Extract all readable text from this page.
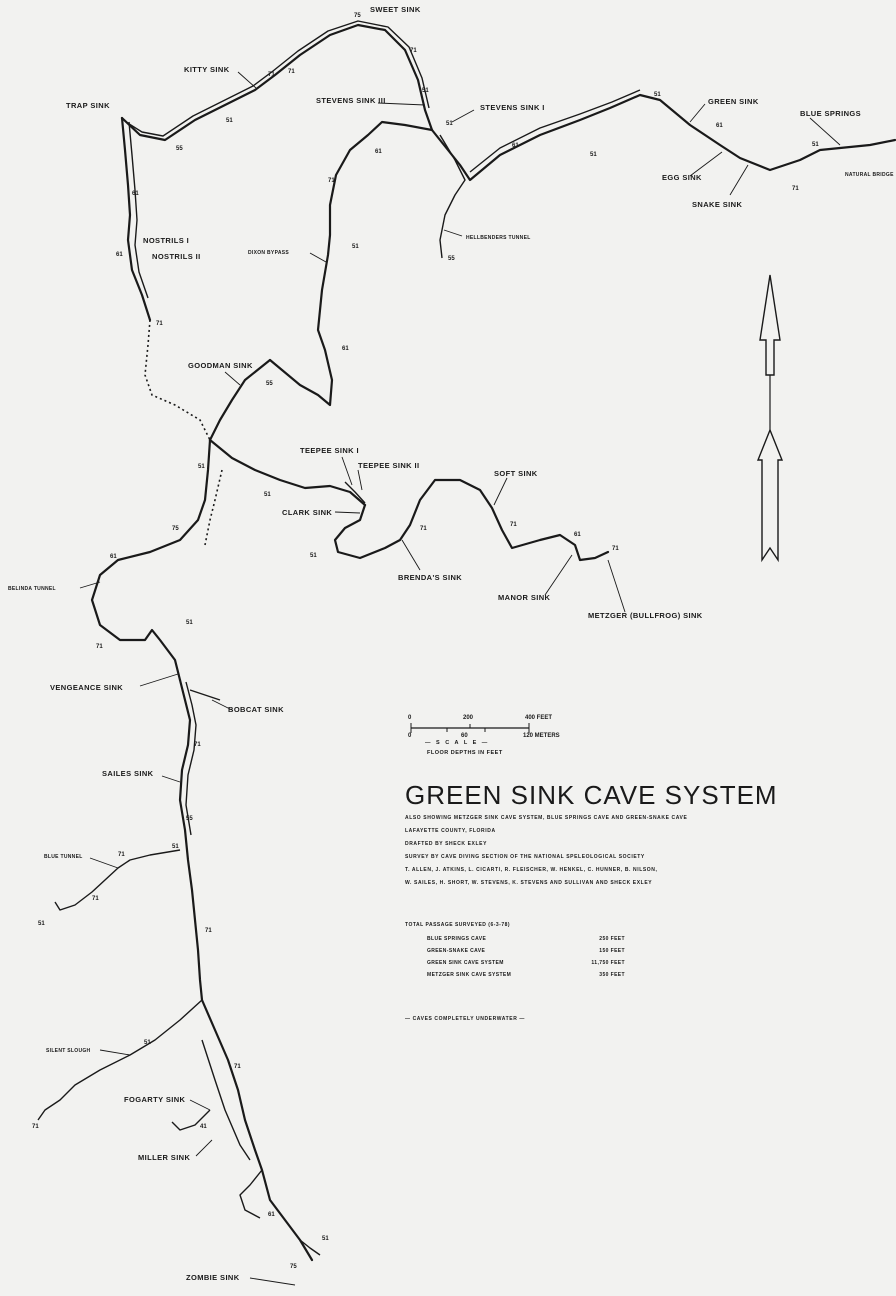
SWEET SINK
KITTY SINK
TRAP SINK
STEVENS SINK III
STEVENS SINK I
GREEN SINK
BLUE SPRINGS
NATURAL BRIDGE
EGG SINK
SNAKE SINK
HELLBENDERS TUNNEL
NOSTRILS I
NOSTRILS II	DIXON BYPASS
GOODMAN SINK
TEEPEE SINK I
TEEPEE SINK II
SOFT SINK
CLARK SINK
BRENDA'S SINK
MANOR SINK
METZGER (BULLFROG) SINK
BELINDA TUNNEL
VENGEANCE SINK
BOBCAT SINK
SAILES SINK
BLUE TUNNEL
SILENT SLOUGH
FOGARTY SINK
MILLER SINK
ZOMBIE SINK
75
71
71
71
51
55
51
51
61
71
61
51
51
61
51
71
61
55
51
61
71
61
55
51
51
75
61
71
51
71
61
71
51
71
71
55
51
71
71
51
71
51
71
71	41
61
51
75
0	200	400 FEET
0	60	120 METERS
— S C A L E —
FLOOR DEPTHS IN FEET
GREEN SINK CAVE SYSTEM
ALSO SHOWING METZGER SINK CAVE SYSTEM, BLUE SPRINGS CAVE AND GREEN-SNAKE CAVE
LAFAYETTE COUNTY, FLORIDA
DRAFTED BY SHECK EXLEY
SURVEY BY CAVE DIVING SECTION OF THE NATIONAL SPELEOLOGICAL SOCIETY
T. ALLEN, J. ATKINS, L. CICARTI, R. FLEISCHER, W. HENKEL, C. HUNNER, B. NILSON,
W. SAILES, H. SHORT, W. STEVENS, K. STEVENS AND SULLIVAN AND SHECK EXLEY
TOTAL PASSAGE SURVEYED (6-3-78)
BLUE SPRINGS CAVE	250 FEET
GREEN-SNAKE CAVE	150 FEET
GREEN SINK CAVE SYSTEM	11,750 FEET
METZGER SINK CAVE SYSTEM	350 FEET
— CAVES COMPLETELY UNDERWATER —
